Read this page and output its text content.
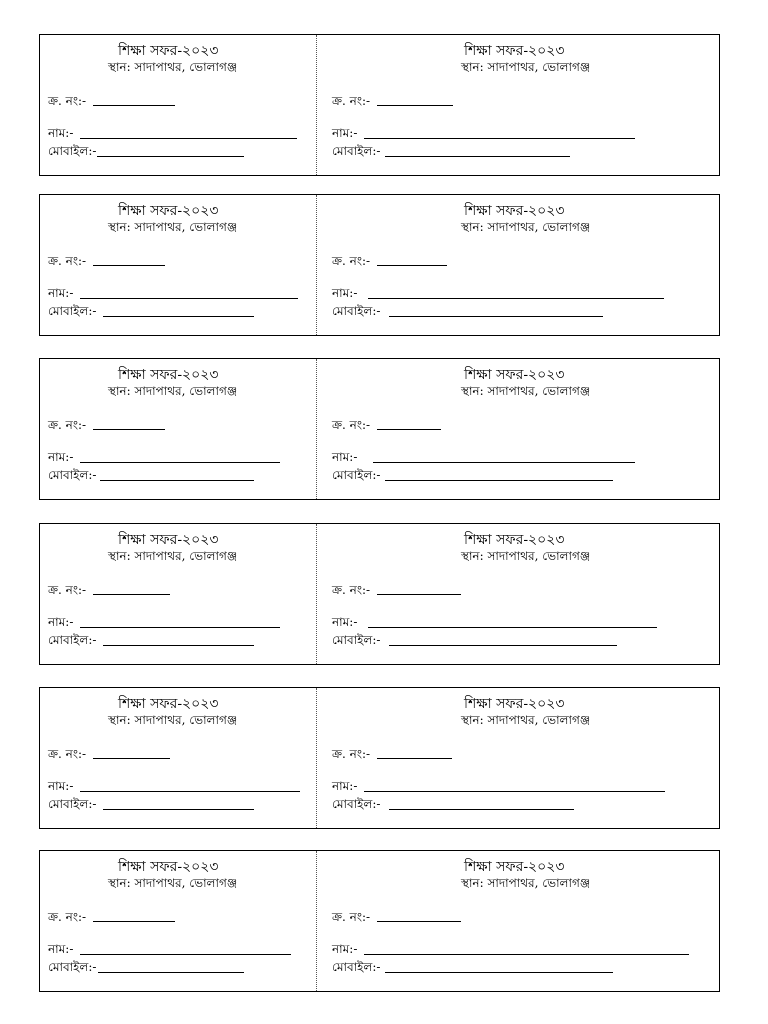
শিক্ষা সফর-২০২৩
স্থান: সাদাপাথর, ভোলাগঞ্জ
ক্র. নং:-
নাম:-
মোবাইল:-
শিক্ষা সফর-২০২৩
স্থান: সাদাপাথর, ভোলাগঞ্জ
ক্র. নং:-
নাম:-
মোবাইল:-
শিক্ষা সফর-২০২৩
স্থান: সাদাপাথর, ভোলাগঞ্জ
ক্র. নং:-
নাম:-
মোবাইল:-
শিক্ষা সফর-২০২৩
স্থান: সাদাপাথর, ভোলাগঞ্জ
ক্র. নং:-
নাম:-
মোবাইল:-
শিক্ষা সফর-২০২৩
স্থান: সাদাপাথর, ভোলাগঞ্জ
ক্র. নং:-
নাম:-
মোবাইল:-
শিক্ষা সফর-২০২৩
স্থান: সাদাপাথর, ভোলাগঞ্জ
ক্র. নং:-
নাম:-
মোবাইল:-
শিক্ষা সফর-২০২৩
স্থান: সাদাপাথর, ভোলাগঞ্জ
ক্র. নং:-
নাম:-
মোবাইল:-
শিক্ষা সফর-২০২৩
স্থান: সাদাপাথর, ভোলাগঞ্জ
ক্র. নং:-
নাম:-
মোবাইল:-
শিক্ষা সফর-২০২৩
স্থান: সাদাপাথর, ভোলাগঞ্জ
ক্র. নং:-
নাম:-
মোবাইল:-
শিক্ষা সফর-২০২৩
স্থান: সাদাপাথর, ভোলাগঞ্জ
ক্র. নং:-
নাম:-
মোবাইল:-
শিক্ষা সফর-২০২৩
স্থান: সাদাপাথর, ভোলাগঞ্জ
ক্র. নং:-
নাম:-
মোবাইল:-
শিক্ষা সফর-২০২৩
স্থান: সাদাপাথর, ভোলাগঞ্জ
ক্র. নং:-
নাম:-
মোবাইল:-
